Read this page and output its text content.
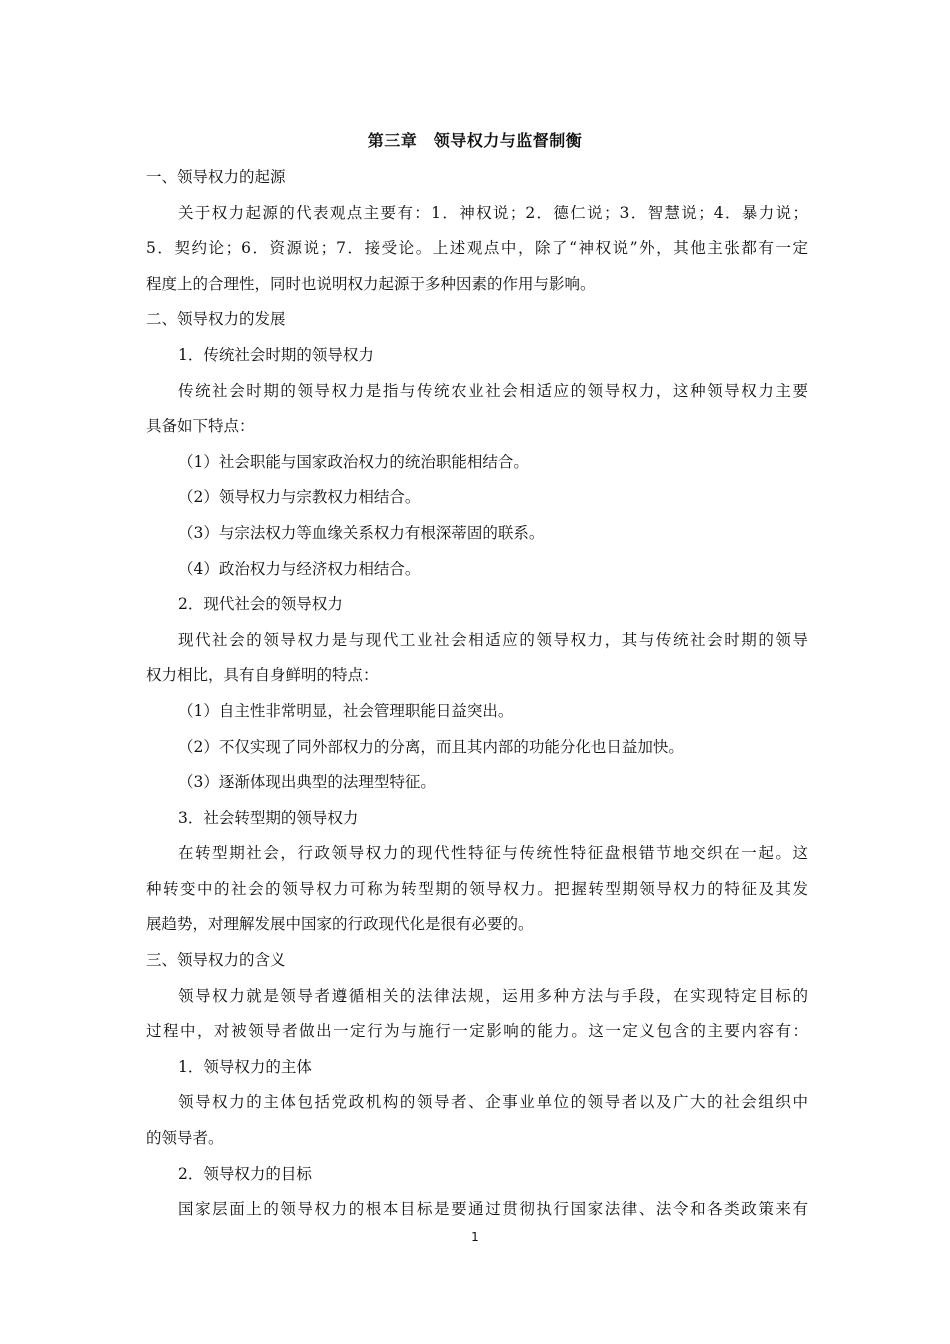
第三章　领导权力与监督制衡
一、领导权力的起源
关于权力起源的代表观点主要有：1．神权说；2．德仁说；3．智慧说；4．暴力说；
5．契约论；6．资源说；7．接受论。上述观点中，除了“神权说”外，其他主张都有一定
程度上的合理性，同时也说明权力起源于多种因素的作用与影响。
二、领导权力的发展
1．传统社会时期的领导权力
传统社会时期的领导权力是指与传统农业社会相适应的领导权力，这种领导权力主要
具备如下特点：
（1）社会职能与国家政治权力的统治职能相结合。
（2）领导权力与宗教权力相结合。
（3）与宗法权力等血缘关系权力有根深蒂固的联系。
（4）政治权力与经济权力相结合。
2．现代社会的领导权力
现代社会的领导权力是与现代工业社会相适应的领导权力，其与传统社会时期的领导
权力相比，具有自身鲜明的特点：
（1）自主性非常明显，社会管理职能日益突出。
（2）不仅实现了同外部权力的分离，而且其内部的功能分化也日益加快。
（3）逐渐体现出典型的法理型特征。
3．社会转型期的领导权力
在转型期社会，行政领导权力的现代性特征与传统性特征盘根错节地交织在一起。这
种转变中的社会的领导权力可称为转型期的领导权力。把握转型期领导权力的特征及其发
展趋势，对理解发展中国家的行政现代化是很有必要的。
三、领导权力的含义
领导权力就是领导者遵循相关的法律法规，运用多种方法与手段，在实现特定目标的
过程中，对被领导者做出一定行为与施行一定影响的能力。这一定义包含的主要内容有：
1．领导权力的主体
领导权力的主体包括党政机构的领导者、企事业单位的领导者以及广大的社会组织中
的领导者。
2．领导权力的目标
国家层面上的领导权力的根本目标是要通过贯彻执行国家法律、法令和各类政策来有
1
